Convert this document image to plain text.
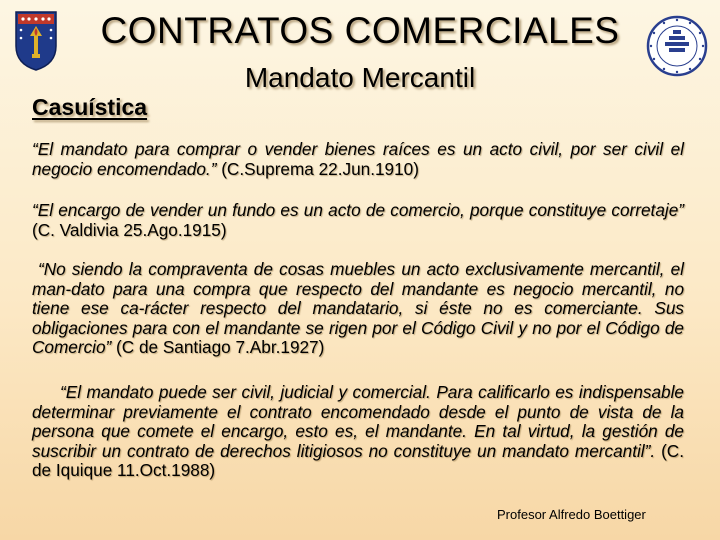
CONTRATOS COMERCIALES
Mandato Mercantil
Casuística

“El mandato para comprar o vender bienes raíces es un acto civil, por ser civil el negocio encomendado.” (C.Suprema 22.Jun.1910)

“El encargo de vender un fundo es un acto de comercio, porque constituye corretaje” (C. Valdivia 25.Ago.1915)

“No siendo la compraventa de cosas muebles un acto exclusivamente mercantil, el man-dato para una compra que respecto del mandante es negocio mercantil, no tiene ese ca-rácter respecto del mandatario, si éste no es comerciante. Sus obligaciones para con el mandante se rigen por el Código Civil y no por el Código de Comercio” (C de Santiago 7.Abr.1927)

“El mandato puede ser civil, judicial y comercial. Para calificarlo es indispensable determinar previamente el contrato encomendado desde el punto de vista de la persona que comete el encargo, esto es, el mandante. En tal virtud, la gestión de suscribir un contrato de derechos litigiosos no constituye un mandato mercantil”. (C. de Iquique 11.Oct.1988)

Profesor Alfredo Boettiger
